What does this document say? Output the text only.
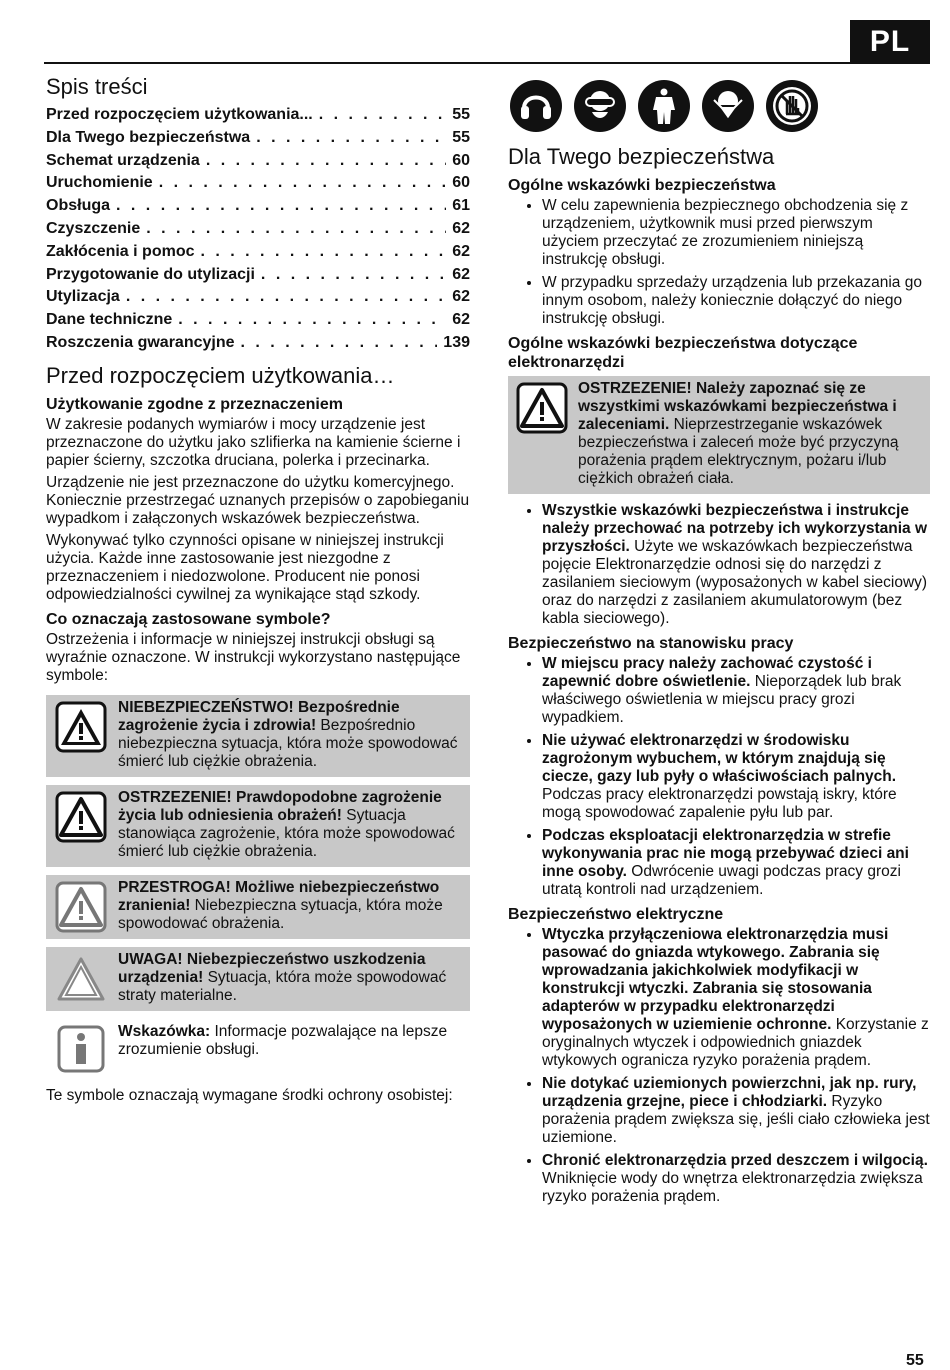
PL
Spis treści
Przed rozpoczęciem użytkowania... . . .	55
Dla Twego bezpieczeństwa . . .	55
Schemat urządzenia . . .	60
Uruchomienie . . .	60
Obsługa . . .	61
Czyszczenie . . .	62
Zakłócenia i pomoc . . .	62
Przygotowanie do utylizacji . . .	62
Utylizacja . . .	62
Dane techniczne . . .	62
Roszczenia gwarancyjne . . .	139
Przed rozpoczęciem użytkowania…
Użytkowanie zgodne z przeznaczeniem

W zakresie podanych wymiarów i mocy urządzenie jest przeznaczone do użytku jako szlifierka na kamienie ścierne i papier ścierny, szczotka druciana, polerka i przecinarka.

Urządzenie nie jest przeznaczone do użytku komercyjnego. Koniecznie przestrzegać uznanych przepisów o zapobieganiu wypadkom i załączonych wskazówek bezpieczeństwa.

Wykonywać tylko czynności opisane w niniejszej instrukcji użycia. Każde inne zastosowanie jest niezgodne z przeznaczeniem i niedozwolone. Producent nie ponosi odpowiedzialności cywilnej za wynikające stąd szkody.

Co oznaczają zastosowane symbole?

Ostrzeżenia i informacje w niniejszej instrukcji obsługi są wyraźnie oznaczone. W instrukcji wykorzystano następujące symbole:

NIEBEZPIECZEŃSTWO! Bezpośrednie zagrożenie życia i zdrowia! Bezpośrednio niebezpieczna sytuacja, która może spowodować śmierć lub ciężkie obrażenia.
OSTRZEZENIE! Prawdopodobne zagrożenie życia lub odniesienia obrażeń! Sytuacja stanowiąca zagrożenie, która może spowodować śmierć lub ciężkie obrażenia.
PRZESTROGA! Możliwe niebezpieczeństwo zranienia! Niebezpieczna sytuacja, która może spowodować obrażenia.
UWAGA! Niebezpieczeństwo uszkodzenia urządzenia! Sytuacja, która może spowodować straty materialne.
Wskazówka: Informacje pozwalające na lepsze zrozumienie obsługi.

Te symbole oznaczają wymagane środki ochrony osobistej:

Dla Twego bezpieczeństwa
Ogólne wskazówki bezpieczeństwa
• W celu zapewnienia bezpiecznego obchodzenia się z urządzeniem, użytkownik musi przed pierwszym użyciem przeczytać ze zrozumieniem niniejszą instrukcję obsługi.
• W przypadku sprzedaży urządzenia lub przekazania go innym osobom, należy koniecznie dołączyć do niego instrukcję obsługi.
Ogólne wskazówki bezpieczeństwa dotyczące elektronarzędzi
OSTRZEZENIE! Należy zapoznać się ze wszystkimi wskazówkami bezpieczeństwa i zaleceniami. Nieprzestrzeganie wskazówek bezpieczeństwa i zaleceń może być przyczyną porażenia prądem elektrycznym, pożaru i/lub ciężkich obrażeń ciała.
• Wszystkie wskazówki bezpieczeństwa i instrukcje należy przechować na potrzeby ich wykorzystania w przyszłości. Użyte we wskazówkach bezpieczeństwa pojęcie Elektronarzędzie odnosi się do narzędzi z zasilaniem sieciowym (wyposażonych w kabel sieciowy) oraz do narzędzi z zasilaniem akumulatorowym (bez kabla sieciowego).
Bezpieczeństwo na stanowisku pracy
• W miejscu pracy należy zachować czystość i zapewnić dobre oświetlenie. Nieporządek lub brak właściwego oświetlenia w miejscu pracy grozi wypadkiem.
• Nie używać elektronarzędzi w środowisku zagrożonym wybuchem, w którym znajdują się ciecze, gazy lub pyły o właściwościach palnych. Podczas pracy elektronarzędzi powstają iskry, które mogą spowodować zapalenie pyłu lub par.
• Podczas eksploatacji elektronarzędzia w strefie wykonywania prac nie mogą przebywać dzieci ani inne osoby. Odwrócenie uwagi podczas pracy grozi utratą kontroli nad urządzeniem.
Bezpieczeństwo elektryczne
• Wtyczka przyłączeniowa elektronarzędzia musi pasować do gniazda wtykowego. Zabrania się wprowadzania jakichkolwiek modyfikacji w konstrukcji wtyczki. Zabrania się stosowania adapterów w przypadku elektronarzędzi wyposażonych w uziemienie ochronne. Korzystanie z oryginalnych wtyczek i odpowiednich gniazdek wtykowych ogranicza ryzyko porażenia prądem.
• Nie dotykać uziemionych powierzchni, jak np. rury, urządzenia grzejne, piece i chłodziarki. Ryzyko porażenia prądem zwiększa się, jeśli ciało człowieka jest uziemione.
• Chronić elektronarzędzia przed deszczem i wilgocią. Wniknięcie wody do wnętrza elektronarzędzia zwiększa ryzyko porażenia prądem.
55
